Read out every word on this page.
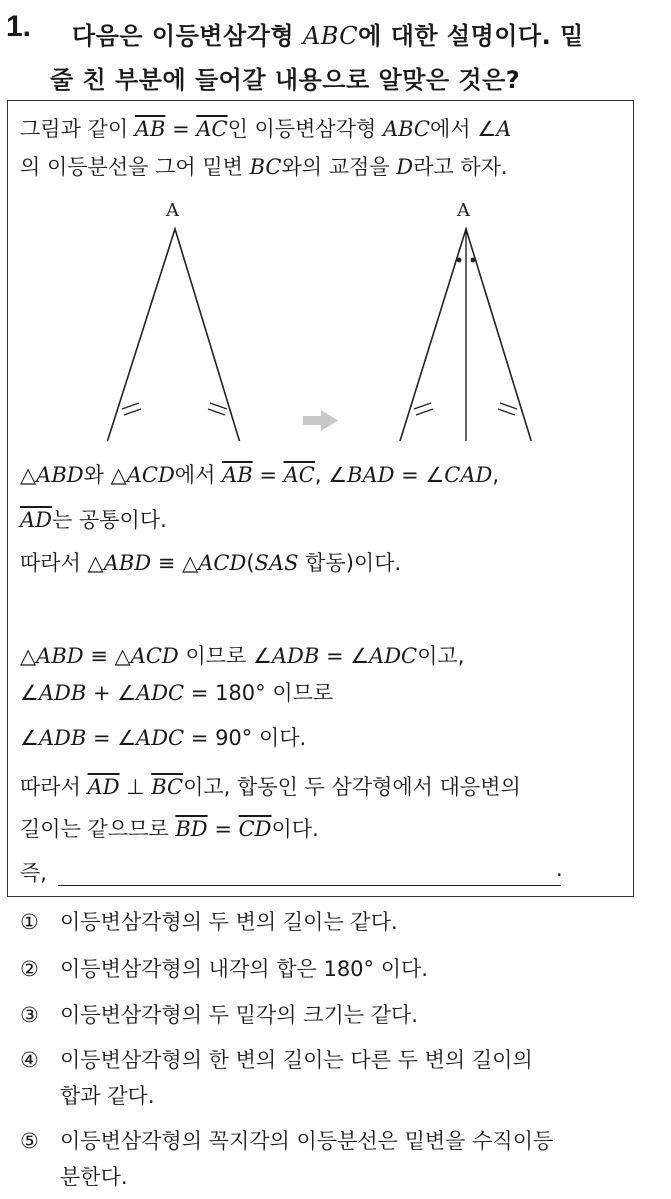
1. 다음은 이등변삼각형 ABC에 대한 설명이다. 밑
줄 친 부분에 들어갈 내용으로 알맞은 것은?
그림과 같이 $\overline{AB} = \overline{AC}$인 이등변삼각형 ABC에서 ∠A
의 이등분선을 그어 밑변 BC와의 교점을 D라고 하자.
A	A
△ABD와 △ACD에서 $\overline{AB} = \overline{AC}$, ∠BAD = ∠CAD,
$\overline{AD}$는 공통이다.
따라서 △ABD ≡ △ACD(SAS 합동)이다.
△ABD ≡ △ACD 이므로 ∠ADB = ∠ADC이고,
∠ADB + ∠ADC = 180° 이므로
∠ADB = ∠ADC = 90° 이다.
따라서 $\overline{AD}$ ⊥ $\overline{BC}$이고, 합동인 두 삼각형에서 대응변의
길이는 같으므로 $\overline{BD} = \overline{CD}$이다.
즉,	.
① 이등변삼각형의 두 변의 길이는 같다.
② 이등변삼각형의 내각의 합은 180° 이다.
③ 이등변삼각형의 두 밑각의 크기는 같다.
④ 이등변삼각형의 한 변의 길이는 다른 두 변의 길이의
합과 같다.
⑤ 이등변삼각형의 꼭지각의 이등분선은 밑변을 수직이등
분한다.
